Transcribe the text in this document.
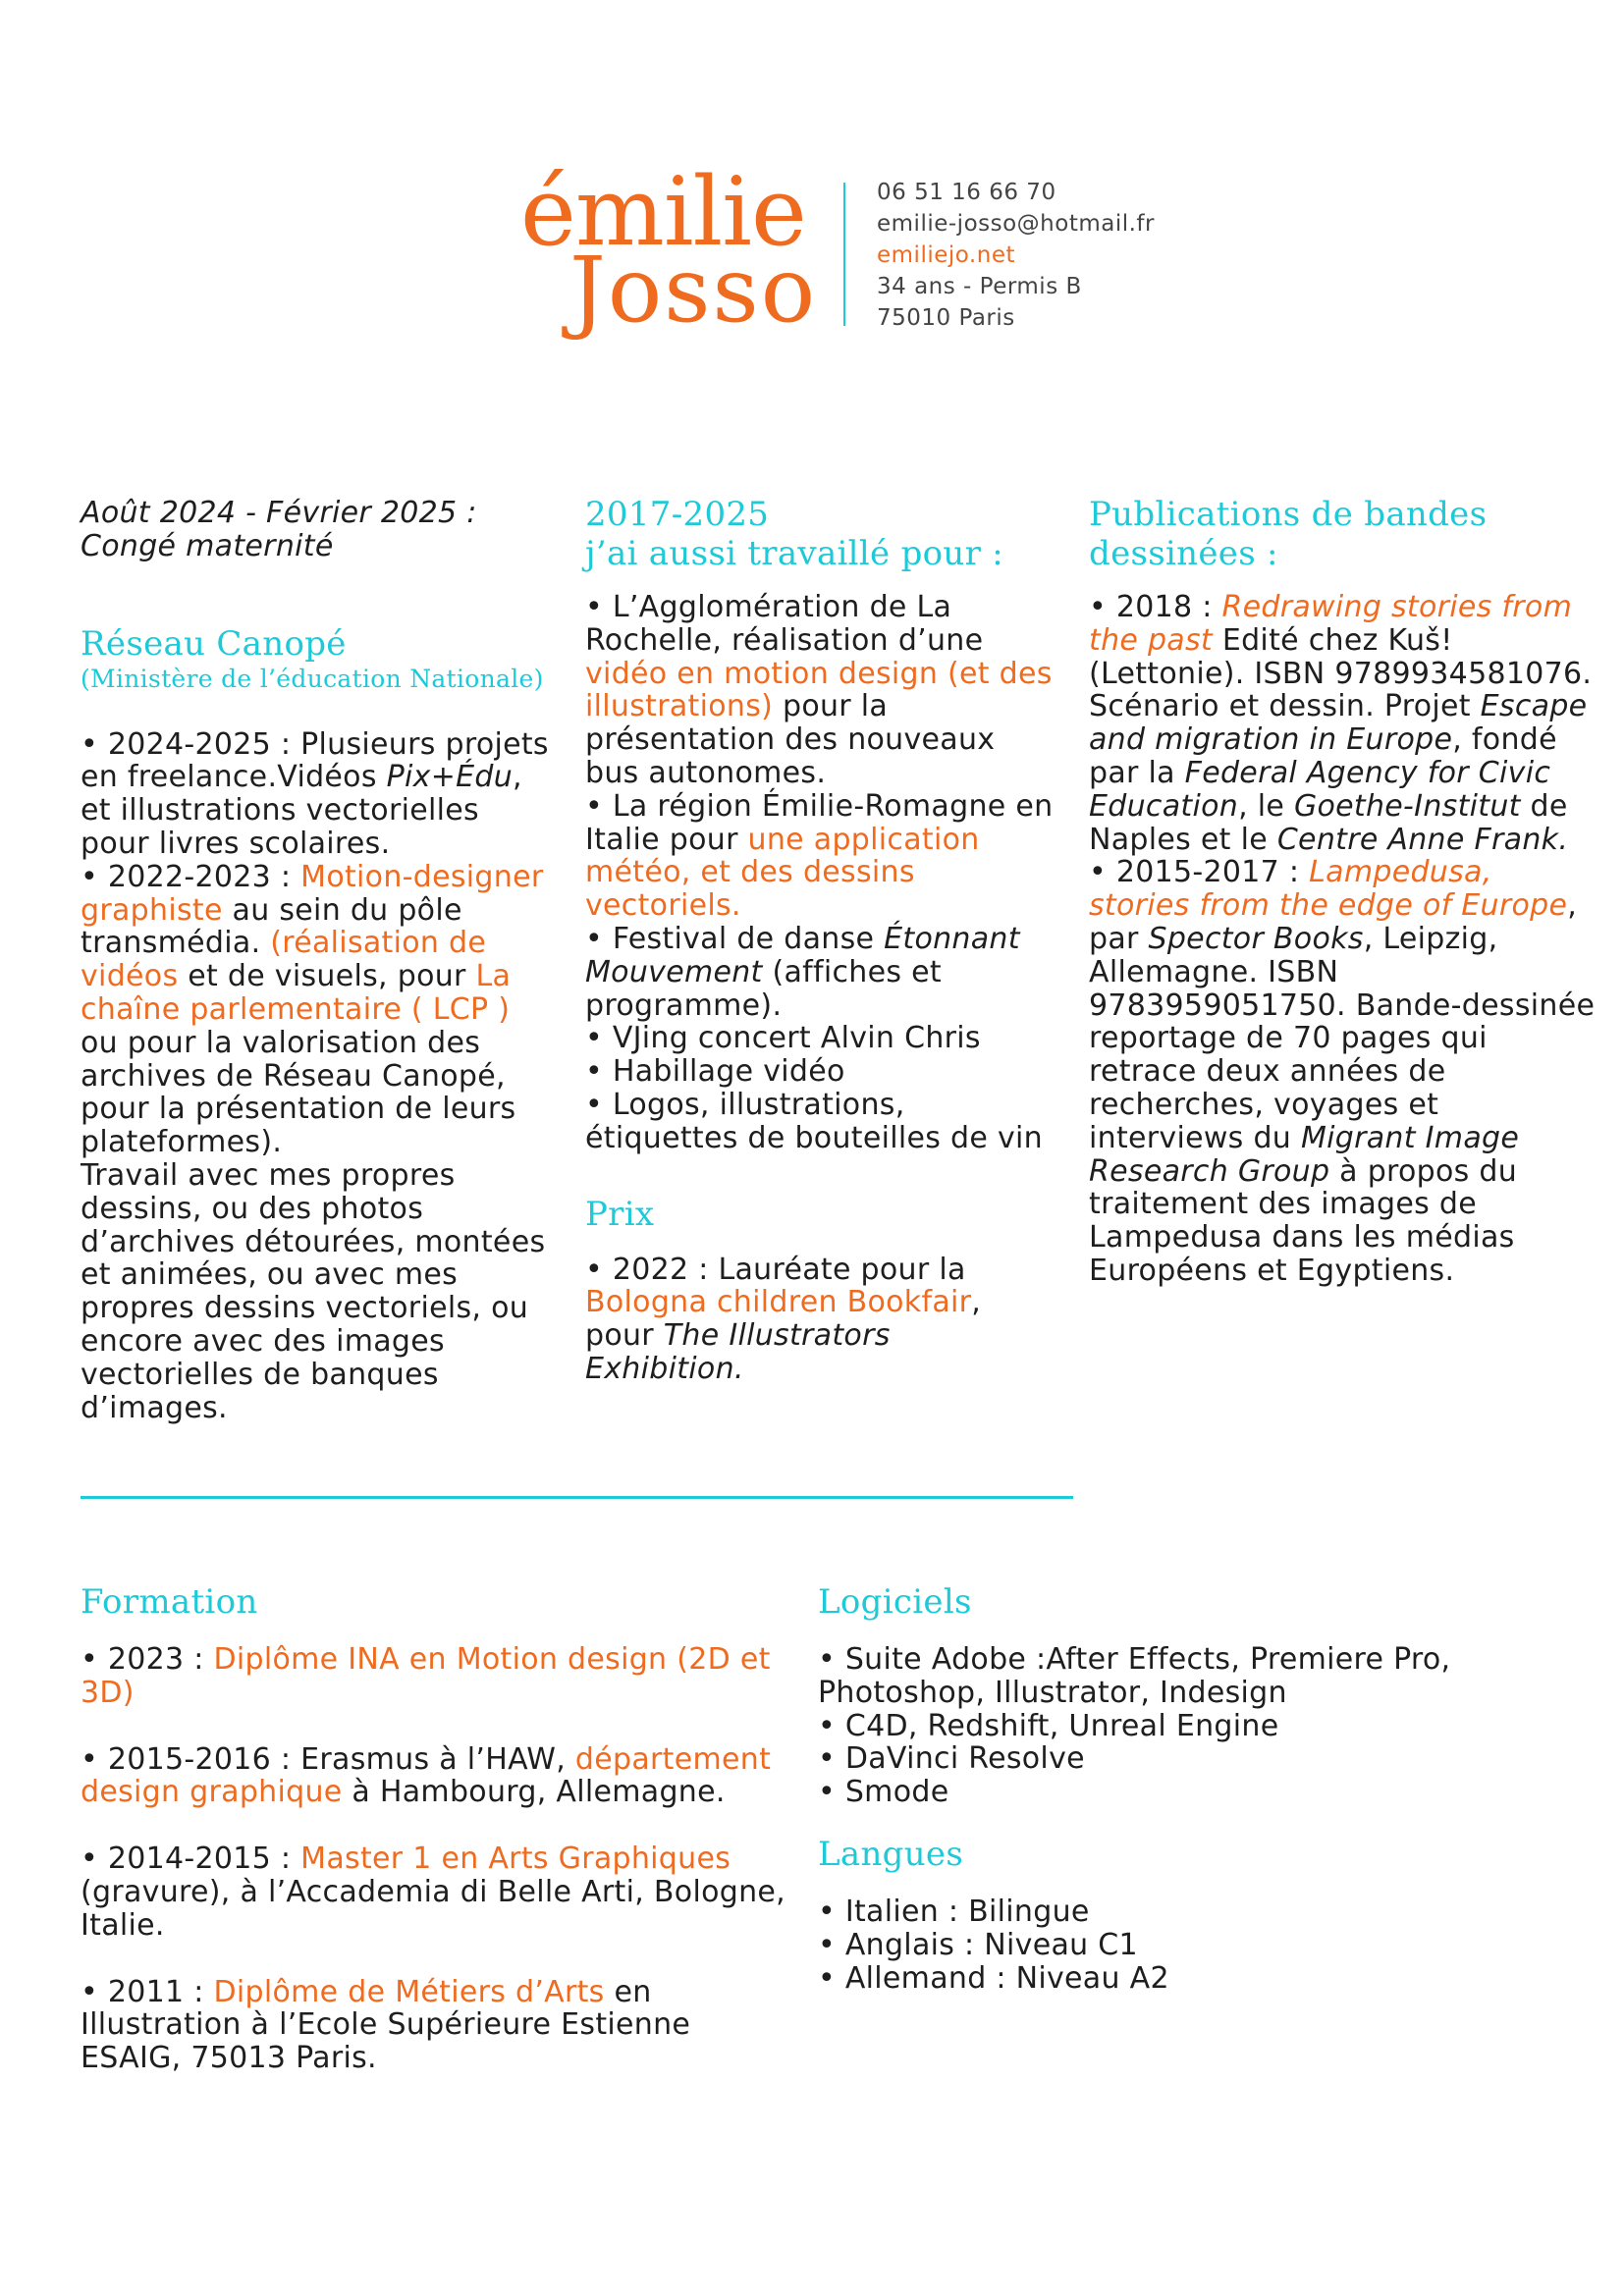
émilie
Josso
06 51 16 66 70
emilie-josso@hotmail.fr
emiliejo.net
34 ans - Permis B
75010 Paris

Août 2024 - Février 2025 :

Congé maternité

Réseau Canopé
(Ministère de l’éducation Nationale)

• 2024-2025 : Plusieurs projets en freelance.Vidéos Pix+Édu, et illustrations vectorielles pour livres scolaires.

• 2022-2023 : Motion-designer graphiste au sein du pôle transmédia. (réalisation de vidéos et de visuels, pour La chaîne parlementaire ( LCP ) ou pour la valorisation des archives de Réseau Canopé, pour la présentation de leurs plateformes).

Travail avec mes propres dessins, ou des photos d’archives détourées, montées et animées, ou avec mes propres dessins vectoriels, ou encore avec des images vectorielles de banques d’images.

2017-2025
j’ai aussi travaillé pour :

• L’Agglomération de La Rochelle, réalisation d’une vidéo en motion design (et des illustrations) pour la présentation des nouveaux bus autonomes.

• La région Émilie-Romagne en Italie pour une application météo, et des dessins vectoriels.

• Festival de danse Étonnant Mouvement (affiches et programme).

• VJing concert Alvin Chris

• Habillage vidéo

• Logos, illustrations, étiquettes de bouteilles de vin

Prix

• 2022 : Lauréate pour la Bologna children Bookfair, pour The Illustrators Exhibition.

Publications de bandes
dessinées :

• 2018 : Redrawing stories from the past Edité chez Kuš! (Lettonie). ISBN 9789934581076. Scénario et dessin. Projet Escape and migration in Europe, fondé par la Federal Agency for Civic Education, le Goethe-Institut de Naples et le Centre Anne Frank.

• 2015-2017 : Lampedusa, stories from the edge of Europe, par Spector Books, Leipzig, Allemagne. ISBN 9783959051750. Bande-dessinée reportage de 70 pages qui retrace deux années de recherches, voyages et interviews du Migrant Image Research Group à propos du traitement des images de Lampedusa dans les médias Européens et Egyptiens.

Formation

• 2023 : Diplôme INA en Motion design (2D et 3D)

• 2015-2016 : Erasmus à l’HAW, département design graphique à Hambourg, Allemagne.

• 2014-2015 : Master 1 en Arts Graphiques (gravure), à l’Accademia di Belle Arti, Bologne, Italie.

• 2011 : Diplôme de Métiers d’Arts en Illustration à l’Ecole Supérieure Estienne ESAIG, 75013 Paris.

Logiciels

• Suite Adobe :After Effects, Premiere Pro, Photoshop, Illustrator, Indesign

• C4D, Redshift, Unreal Engine

• DaVinci Resolve

• Smode

Langues

• Italien : Bilingue

• Anglais : Niveau C1

• Allemand : Niveau A2
